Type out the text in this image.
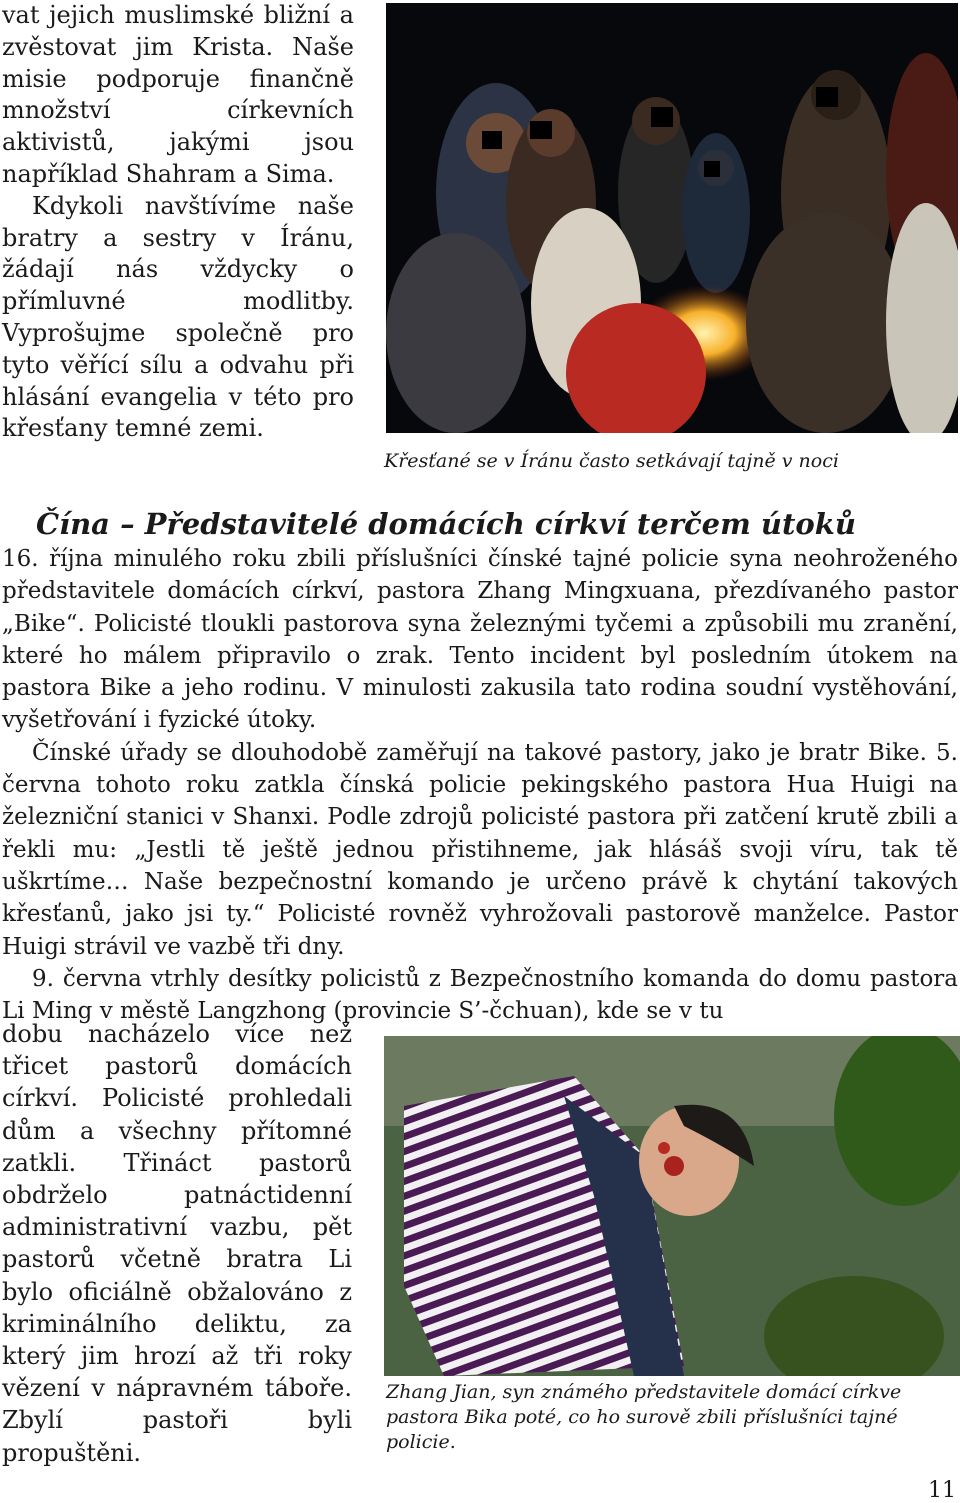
vat jejich muslimské bližní a zvěstovat jim Krista. Naše misie podporuje finančně množství církevních aktivistů, jakými jsou například Shahram a Sima.

Kdykoli navštívíme naše bratry a sestry v Íránu, žádají nás vždycky o přímluvné modlitby. Vyprošujme společně pro tyto věřící sílu a odvahu při hlásání evangelia v této pro křesťany temné zemi.

Křesťané se v Íránu často setkávají tajně v noci
Čína – Představitelé domácích církví terčem útoků

16. října minulého roku zbili příslušníci čínské tajné policie syna neohroženého představitele domácích církví, pastora Zhang Mingxuana, přezdívaného pastor „Bike“. Policisté tloukli pastorova syna železnými tyčemi a způsobili mu zranění, které ho málem připravilo o zrak. Tento incident byl posledním útokem na pastora Bike a jeho rodinu. V minulosti zakusila tato rodina soudní vystěhování, vyšetřování i fyzické útoky.

Čínské úřady se dlouhodobě zaměřují na takové pastory, jako je bratr Bike. 5. června tohoto roku zatkla čínská policie pekingského pastora Hua Huigi na železniční stanici v Shanxi. Podle zdrojů policisté pastora při zatčení krutě zbili a řekli mu: „Jestli tě ještě jednou přistihneme, jak hlásáš svoji víru, tak tě uškrtíme… Naše bezpečnostní komando je určeno právě k chytání takových křesťanů, jako jsi ty.“ Policisté rovněž vyhrožovali pastorově manželce. Pastor Huigi strávil ve vazbě tři dny.

9. června vtrhly desítky policistů z Bezpečnostního komanda do domu pastora Li Ming v městě Langzhong (provincie S’-čchuan), kde se v tu

dobu nacházelo více než třicet pastorů domácích církví. Policisté prohledali dům a všechny přítomné zatkli. Třináct pastorů obdrželo patnáctidenní administrativní vazbu, pět pastorů včetně bratra Li bylo oficiálně obžalováno z kriminálního deliktu, za který jim hrozí až tři roky vězení v nápravném táboře. Zbylí pastoři byli propuštěni.

Zhang Jian, syn známého představitele domácí církve pastora Bika poté, co ho surově zbili příslušníci tajné policie.
11
